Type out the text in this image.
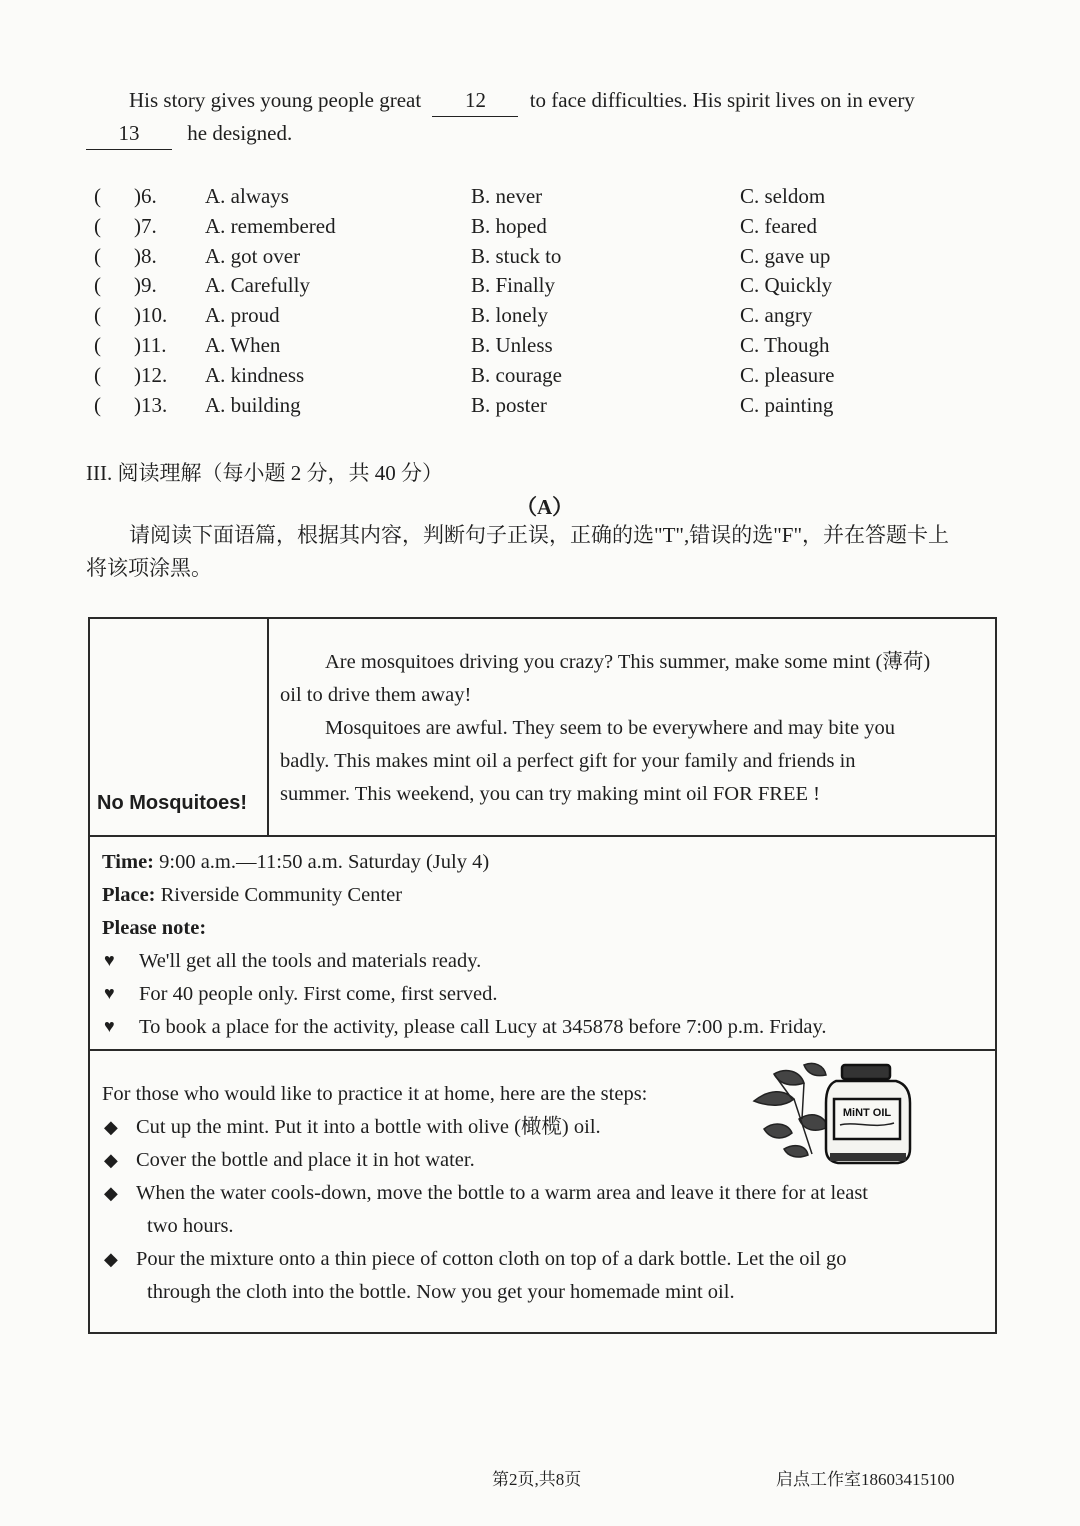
His story gives young people great 12 to face difficulties. His spirit lives on in every
13 he designed.
( )6. A. always	B. never	C. seldom
( )7. A. remembered	B. hoped	C. feared
( )8. A. got over	B. stuck to	C. gave up
( )9. A. Carefully	B. Finally	C. Quickly
( )10. A. proud	B. lonely	C. angry
( )11. A. When	B. Unless	C. Though
( )12. A. kindness	B. courage	C. pleasure
( )13. A. building	B. poster	C. painting
III. 阅读理解（每小题 2 分，共 40 分）
（A）
请阅读下面语篇，根据其内容，判断句子正误，正确的选"T",错误的选"F"，并在答题卡上
将该项涂黑。
No Mosquitoes!
Are mosquitoes driving you crazy? This summer, make some mint (薄荷)
oil to drive them away!
Mosquitoes are awful. They seem to be everywhere and may bite you
badly. This makes mint oil a perfect gift for your family and friends in
summer. This weekend, you can try making mint oil FOR FREE !
Time: 9:00 a.m.—11:50 a.m. Saturday (July 4)
Place: Riverside Community Center
Please note:
♥ We'll get all the tools and materials ready.
♥ For 40 people only. First come, first served.
♥ To book a place for the activity, please call Lucy at 345878 before 7:00 p.m. Friday.
For those who would like to practice it at home, here are the steps:
◆ Cut up the mint. Put it into a bottle with olive (橄榄) oil.
◆ Cover the bottle and place it in hot water.
◆ When the water cools-down, move the bottle to a warm area and leave it there for at least
two hours.
◆ Pour the mixture onto a thin piece of cotton cloth on top of a dark bottle. Let the oil go
through the cloth into the bottle. Now you get your homemade mint oil.
MiNT OIL
第2页,共8页	启点工作室18603415100
